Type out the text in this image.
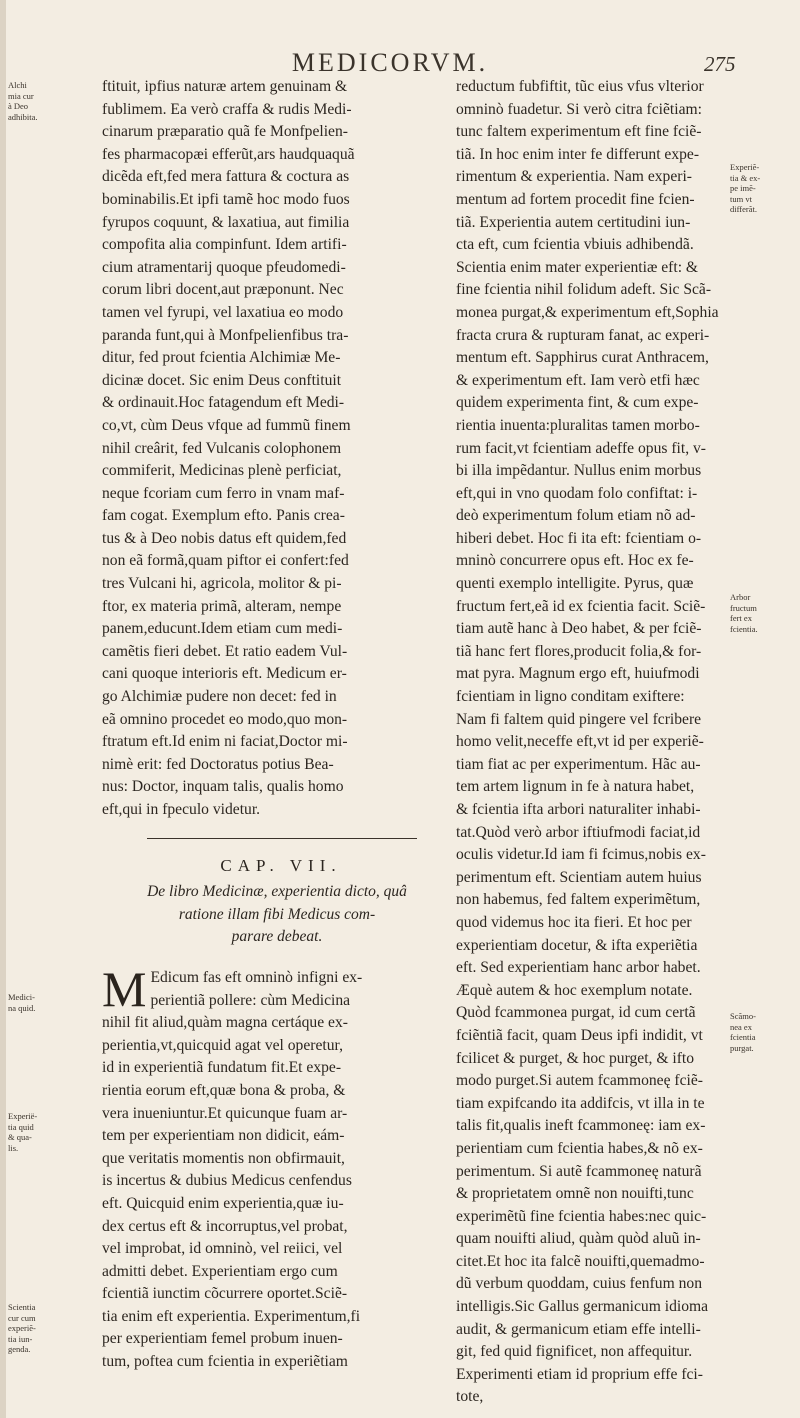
MEDICORVM.	275
ftituit, ipfius naturæ artem genuinam &
fublimem. Ea verò craffa & rudis Medi-
cinarum præparatio quã fe Monfpelien-
fes pharmacopæi efferũt,ars haudquaquã
dicẽda eft,fed mera fattura & coctura as
bominabilis.Et ipfi tamẽ hoc modo fuos
fyrupos coquunt, & laxatiua, aut fimilia
compofita alia compinfunt. Idem artifi-
cium atramentarij quoque pfeudomedi-
corum libri docent,aut præponunt. Nec
tamen vel fyrupi, vel laxatiua eo modo
paranda funt,qui à Monfpelienfibus tra-
ditur, fed prout fcientia Alchimiæ Me-
dicinæ docet. Sic enim Deus conftituit
& ordinauit.Hoc fatagendum eft Medi-
co,vt, cùm Deus vfque ad fummũ finem
nihil creârit, fed Vulcanis colophonem
commiferit, Medicinas plenè perficiat,
neque fcoriam cum ferro in vnam maf-
fam cogat. Exemplum efto. Panis crea-
tus & à Deo nobis datus eft quidem,fed
non eã formã,quam piftor ei confert:fed
tres Vulcani hi, agricola, molitor & pi-
ftor, ex materia primã, alteram, nempe
panem,educunt.Idem etiam cum medi-
camẽtis fieri debet. Et ratio eadem Vul-
cani quoque interioris eft. Medicum er-
go Alchimiæ pudere non decet: fed in
eã omnino procedet eo modo,quo mon-
ftratum eft.Id enim ni faciat,Doctor mi-
nimè erit: fed Doctoratus potius Bea-
nus: Doctor, inquam talis, qualis homo
eft,qui in fpeculo videtur.
CAP. VII.
De libro Medicinæ, experientia dicto, quâ
ratione illam fibi Medicus com-
parare debeat.
M Edicum fas eft omninò infigni ex-
perientiã pollere: cùm Medicina
nihil fit aliud,quàm magna certáque ex-
perientia,vt,quicquid agat vel operetur,
id in experientiã fundatum fit.Et expe-
rientia eorum eft,quæ bona & proba, &
vera inueniuntur.Et quicunque fuam ar-
tem per experientiam non didicit, eám-
que veritatis momentis non obfirmauit,
is incertus & dubius Medicus cenfendus
eft. Quicquid enim experientia,quæ iu-
dex certus eft & incorruptus,vel probat,
vel improbat, id omninò, vel reiici, vel
admitti debet. Experientiam ergo cum
fcientiã iunctim cõcurrere oportet.Sciẽ-
tia enim eft experientia. Experimentum,fi
per experientiam femel probum inuen-
tum, poftea cum fcientia in experiẽtiam
reductum fubfiftit, tũc eius vfus vlterior
omninò fuadetur. Si verò citra fciẽtiam:
tunc faltem experimentum eft fine fciẽ-
tiã. In hoc enim inter fe differunt expe-
rimentum & experientia. Nam experi-
mentum ad fortem procedit fine fcien-
tiã. Experientia autem certitudini iun-
cta eft, cum fcientia vbiuis adhibendã.
Scientia enim mater experientiæ eft: &
fine fcientia nihil folidum adeft. Sic Scã-
monea purgat,& experimentum eft,Sophia
fracta crura & rupturam fanat, ac experi-
mentum eft. Sapphirus curat Anthracem,
& experimentum eft. Iam verò etfi hæc
quidem experimenta fint, & cum expe-
rientia inuenta:pluralitas tamen morbo-
rum facit,vt fcientiam adeffe opus fit, v-
bi illa impẽdantur. Nullus enim morbus
eft,qui in vno quodam folo confiftat: i-
deò experimentum folum etiam nõ ad-
hiberi debet. Hoc fi ita eft: fcientiam o-
mninò concurrere opus eft. Hoc ex fe-
quenti exemplo intelligite. Pyrus, quæ
fructum fert,eã id ex fcientia facit. Sciẽ-
tiam autẽ hanc à Deo habet, & per fciẽ-
tiã hanc fert flores,producit folia,& for-
mat pyra. Magnum ergo eft, huiufmodi
fcientiam in ligno conditam exiftere:
Nam fi faltem quid pingere vel fcribere
homo velit,neceffe eft,vt id per experiẽ-
tiam fiat ac per experimentum. Hãc au-
tem artem lignum in fe à natura habet,
& fcientia ifta arbori naturaliter inhabi-
tat.Quòd verò arbor iftiufmodi faciat,id
oculis videtur.Id iam fi fcimus,nobis ex-
perimentum eft. Scientiam autem huius
non habemus, fed faltem experimẽtum,
quod videmus hoc ita fieri. Et hoc per
experientiam docetur, & ifta experiẽtia
eft. Sed experientiam hanc arbor habet.
Æquè autem & hoc exemplum notate.
Quòd fcammonea purgat, id cum certã
fciẽntiã facit, quam Deus ipfi indidit, vt
fcilicet & purget, & hoc purget, & ifto
modo purget.Si autem fcammoneę fciẽ-
tiam expifcando ita addifcis, vt illa in te
talis fit,qualis ineft fcammoneę: iam ex-
perientiam cum fcientia habes,& nõ ex-
perimentum. Si autẽ fcammoneę naturã
& proprietatem omnẽ non nouifti,tunc
experimẽtũ fine fcientia habes:nec quic-
quam nouifti aliud, quàm quòd aluũ in-
citet.Et hoc ita falcẽ nouifti,quemadmo-
dũ verbum quoddam, cuius fenfum non
intelligis.Sic Gallus germanicum idioma
audit, & germanicum etiam effe intelli-
git, fed quid fignificet, non affequitur.
Experimenti etiam id proprium effe fci-
tote,
Alchi
mia cur
à Deo
adhibita.
Medici-
na quid.
Experië-
tia quid
& qua-
lis.
Scientia
cur cum
experiẽ-
tia iun-
genda.
Experiẽ-
tia & ex-
pe imẽ-
tum vt
differãt.
Arbor
fructum
fert ex
fcientia.
Scãmo-
nea ex
fcientia
purgat.
